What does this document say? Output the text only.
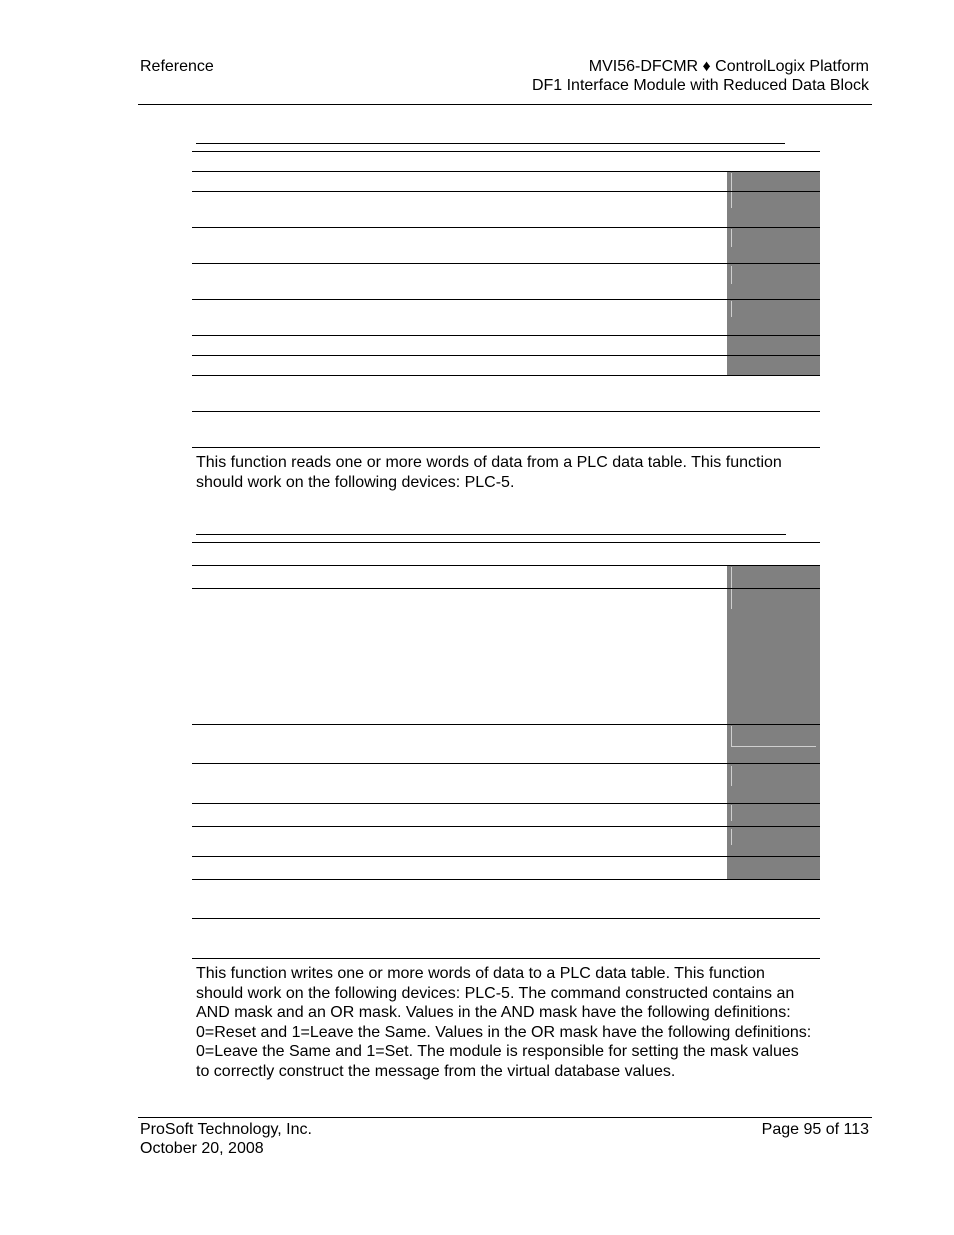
Reference	MVI56-DFCMR ♦ ControlLogix Platform
DF1 Interface Module with Reduced Data Block
This function reads one or more words of data from a PLC data table. This function should work on the following devices: PLC-5.
This function writes one or more words of data to a PLC data table. This function should work on the following devices: PLC-5. The command constructed contains an AND mask and an OR mask. Values in the AND mask have the following definitions: 0=Reset and 1=Leave the Same. Values in the OR mask have the following definitions: 0=Leave the Same and 1=Set. The module is responsible for setting the mask values to correctly construct the message from the virtual database values.
ProSoft Technology, Inc.
October 20, 2008
Page 95 of 113
